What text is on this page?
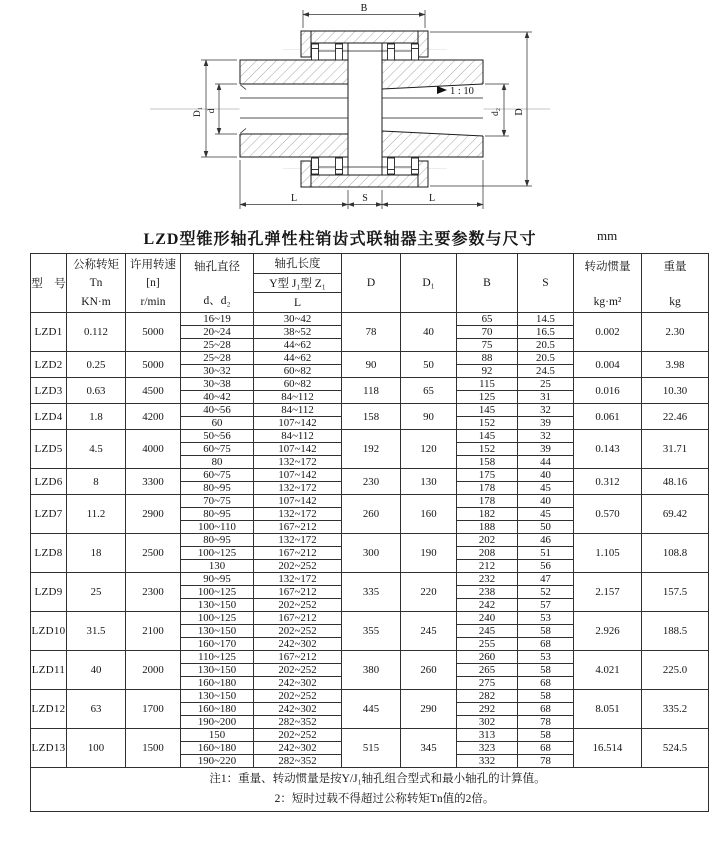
B
D
D₁ d	d₂
1 : 10
L	S	L
LZD型锥形轴孔弹性柱销齿式联轴器主要参数与尺寸	mm
型　号	
公称转矩
Tn
KN·m

许用转速
[n]
r/min

轴孔直径
d、d₂

轴孔长度
Y型 J₁型 Z₁
L
	D	D₁	B	S	
转动惯量
kg·m²

重量
kg

LZD1	0.112	5000	16~19	30~42	78	40	65	14.5	0.002	2.30
			20~24	38~52			70	16.5		
			25~28	44~62			75	20.5		
LZD2	0.25	5000	25~28	44~62	90	50	88	20.5	0.004	3.98
			30~32	60~82			92	24.5		
LZD3	0.63	4500	30~38	60~82	118	65	115	25	0.016	10.30
			40~42	84~112			125	31		
LZD4	1.8	4200	40~56	84~112	158	90	145	32	0.061	22.46
			60	107~142			152	39		
LZD5	4.5	4000	50~56	84~112	192	120	145	32	0.143	31.71
			60~75	107~142			152	39		
			80	132~172			158	44		
LZD6	8	3300	60~75	107~142	230	130	175	40	0.312	48.16
			80~95	132~172			178	45		
LZD7	11.2	2900	70~75	107~142	260	160	178	40	0.570	69.42
			80~95	132~172			182	45		
			100~110	167~212			188	50		
LZD8	18	2500	80~95	132~172	300	190	202	46	1.105	108.8
			100~125	167~212			208	51		
			130	202~252			212	56		
LZD9	25	2300	90~95	132~172	335	220	232	47	2.157	157.5
			100~125	167~212			238	52		
			130~150	202~252			242	57		
LZD10	31.5	2100	100~125	167~212	355	245	240	53	2.926	188.5
			130~150	202~252			245	58		
			160~170	242~302			255	68		
LZD11	40	2000	110~125	167~212	380	260	260	53	4.021	225.0
			130~150	202~252			265	58		
			160~180	242~302			275	68		
LZD12	63	1700	130~150	202~252	445	290	282	58	8.051	335.2
			160~180	242~302			292	68		
			190~200	282~352			302	78		
LZD13	100	1500	150	202~252	515	345	313	58	16.514	524.5
			160~180	242~302			323	68		
			190~220	282~352			332	78		

注1：重量、转动惯量是按Y/J₁轴孔组合型式和最小轴孔的计算值。
2：短时过载不得超过公称转矩Tn值的2倍。										
